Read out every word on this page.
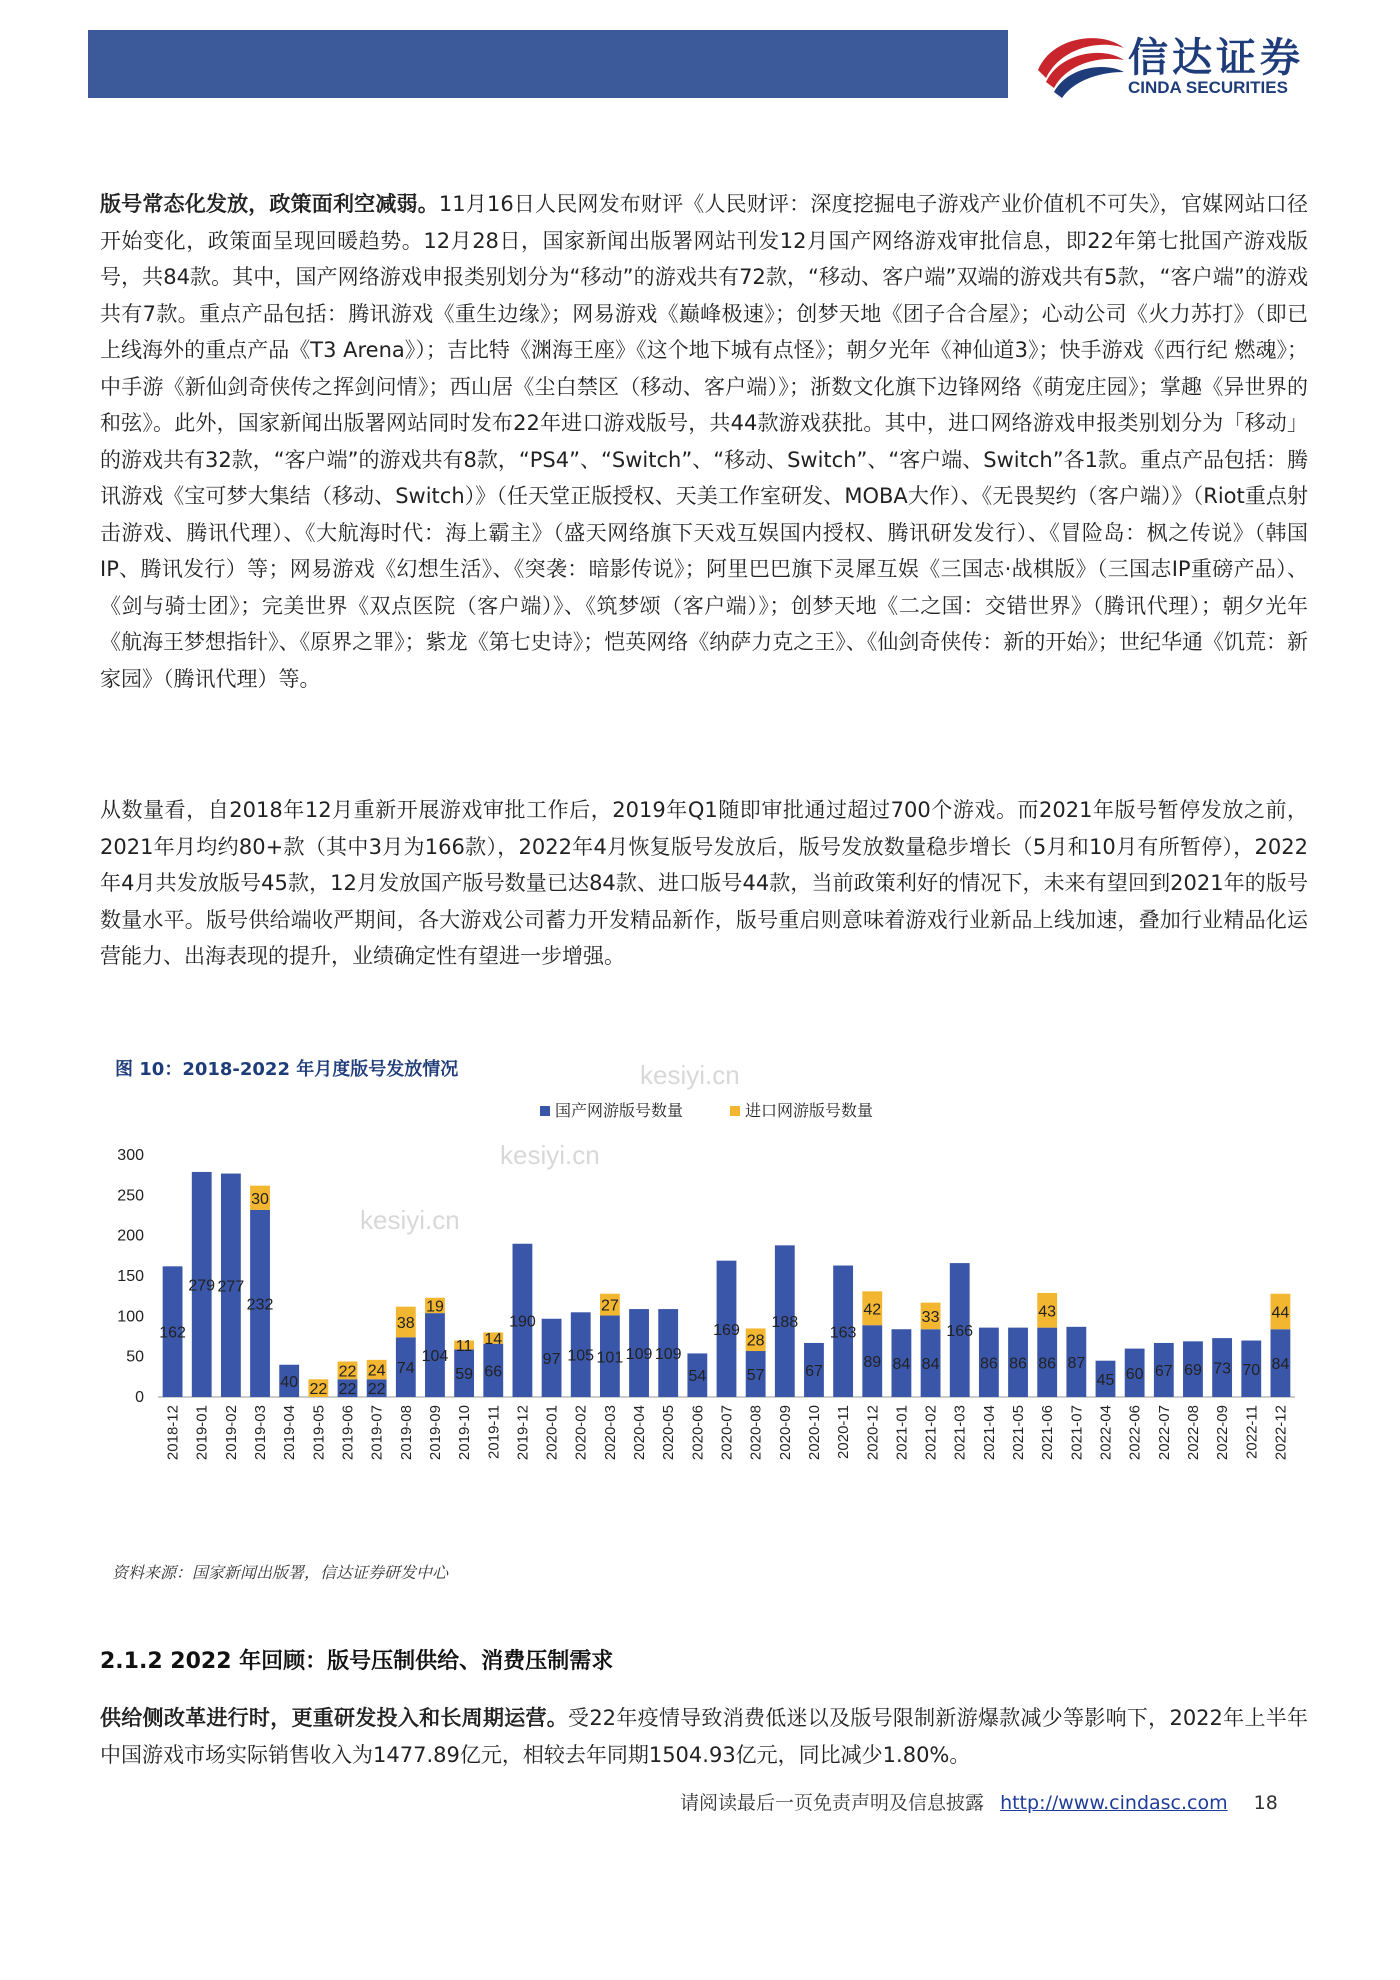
信达证券
CINDA SECURITIES
版号常态化发放，政策面利空减弱。11月16日人民网发布财评《人民财评：深度挖掘电子游戏产业价值机不可失》，官媒网站口径开始变化，政策面呈现回暖趋势。12月28日，国家新闻出版署网站刊发12月国产网络游戏审批信息，即22年第七批国产游戏版号，共84款。其中，国产网络游戏申报类别划分为“移动”的游戏共有72款，“移动、客户端”双端的游戏共有5款，“客户端”的游戏共有7款。重点产品包括：腾讯游戏《重生边缘》；网易游戏《巅峰极速》；创梦天地《团子合合屋》；心动公司《火力苏打》（即已上线海外的重点产品《T3 Arena》）；吉比特《渊海王座》《这个地下城有点怪》；朝夕光年《神仙道3》；快手游戏《西行纪 燃魂》；中手游《新仙剑奇侠传之挥剑问情》；西山居《尘白禁区（移动、客户端）》；浙数文化旗下边锋网络《萌宠庄园》；掌趣《异世界的和弦》。此外，国家新闻出版署网站同时发布22年进口游戏版号，共44款游戏获批。其中，进口网络游戏申报类别划分为「移动」的游戏共有32款，“客户端”的游戏共有8款，“PS4”、“Switch”、“移动、Switch”、“客户端、Switch”各1款。重点产品包括：腾讯游戏《宝可梦大集结（移动、Switch）》（任天堂正版授权、天美工作室研发、MOBA大作）、《无畏契约（客户端）》（Riot重点射击游戏、腾讯代理）、《大航海时代：海上霸主》（盛天网络旗下天戏互娱国内授权、腾讯研发发行）、《冒险岛：枫之传说》（韩国IP、腾讯发行）等；网易游戏《幻想生活》、《突袭：暗影传说》；阿里巴巴旗下灵犀互娱《三国志·战棋版》（三国志IP重磅产品）、《剑与骑士团》；完美世界《双点医院（客户端）》、《筑梦颂（客户端）》；创梦天地《二之国：交错世界》（腾讯代理）；朝夕光年《航海王梦想指针》、《原界之罪》；紫龙《第七史诗》；恺英网络《纳萨力克之王》、《仙剑奇侠传：新的开始》；世纪华通《饥荒：新家园》（腾讯代理）等。
从数量看，自2018年12月重新开展游戏审批工作后，2019年Q1随即审批通过超过700个游戏。而2021年版号暂停发放之前，2021年月均约80+款（其中3月为166款），2022年4月恢复版号发放后，版号发放数量稳步增长（5月和10月有所暂停），2022年4月共发放版号45款，12月发放国产版号数量已达84款、进口版号44款，当前政策利好的情况下，未来有望回到2021年的版号数量水平。版号供给端收严期间，各大游戏公司蓄力开发精品新作，版号重启则意味着游戏行业新品上线加速，叠加行业精品化运营能力、出海表现的提升，业绩确定性有望进一步增强。
图 10：2018-2022 年月度版号发放情况
国产网游版号数量	进口网游版号数量
0
50
100
150
200
250
300
162
2018-12
279
2019-01
277
2019-02
232
30
2019-03
40
2019-04
22
2019-05
22
22
2019-06
22
24
2019-07
74
38
2019-08
104
19
2019-09
59
11
2019-10
66
14
2019-11
190
2019-12
97
2020-01
105
2020-02
101
27
2020-03
109
2020-04
109
2020-05
54
2020-06
169
2020-07
57
28
2020-08
188
2020-09
67
2020-10
163
2020-11
89
42
2020-12
84
2021-01
84
33
2021-02
166
2021-03
86
2021-04
86
2021-05
86
43
2021-06
87
2021-07
45
2022-04
60
2022-06
67
2022-07
69
2022-08
73
2022-09
70
2022-11
84
44
2022-12
资料来源：国家新闻出版署，信达证券研发中心
2.1.2 2022 年回顾：版号压制供给、消费压制需求
供给侧改革进行时，更重研发投入和长周期运营。受22年疫情导致消费低迷以及版号限制新游爆款减少等影响下，2022年上半年中国游戏市场实际销售收入为1477.89亿元，相较去年同期1504.93亿元，同比减少1.80%。
请阅读最后一页免责声明及信息披露 http://www.cindasc.com 18
kesiyi.cn
kesiyi.cn
kesiyi.cn
